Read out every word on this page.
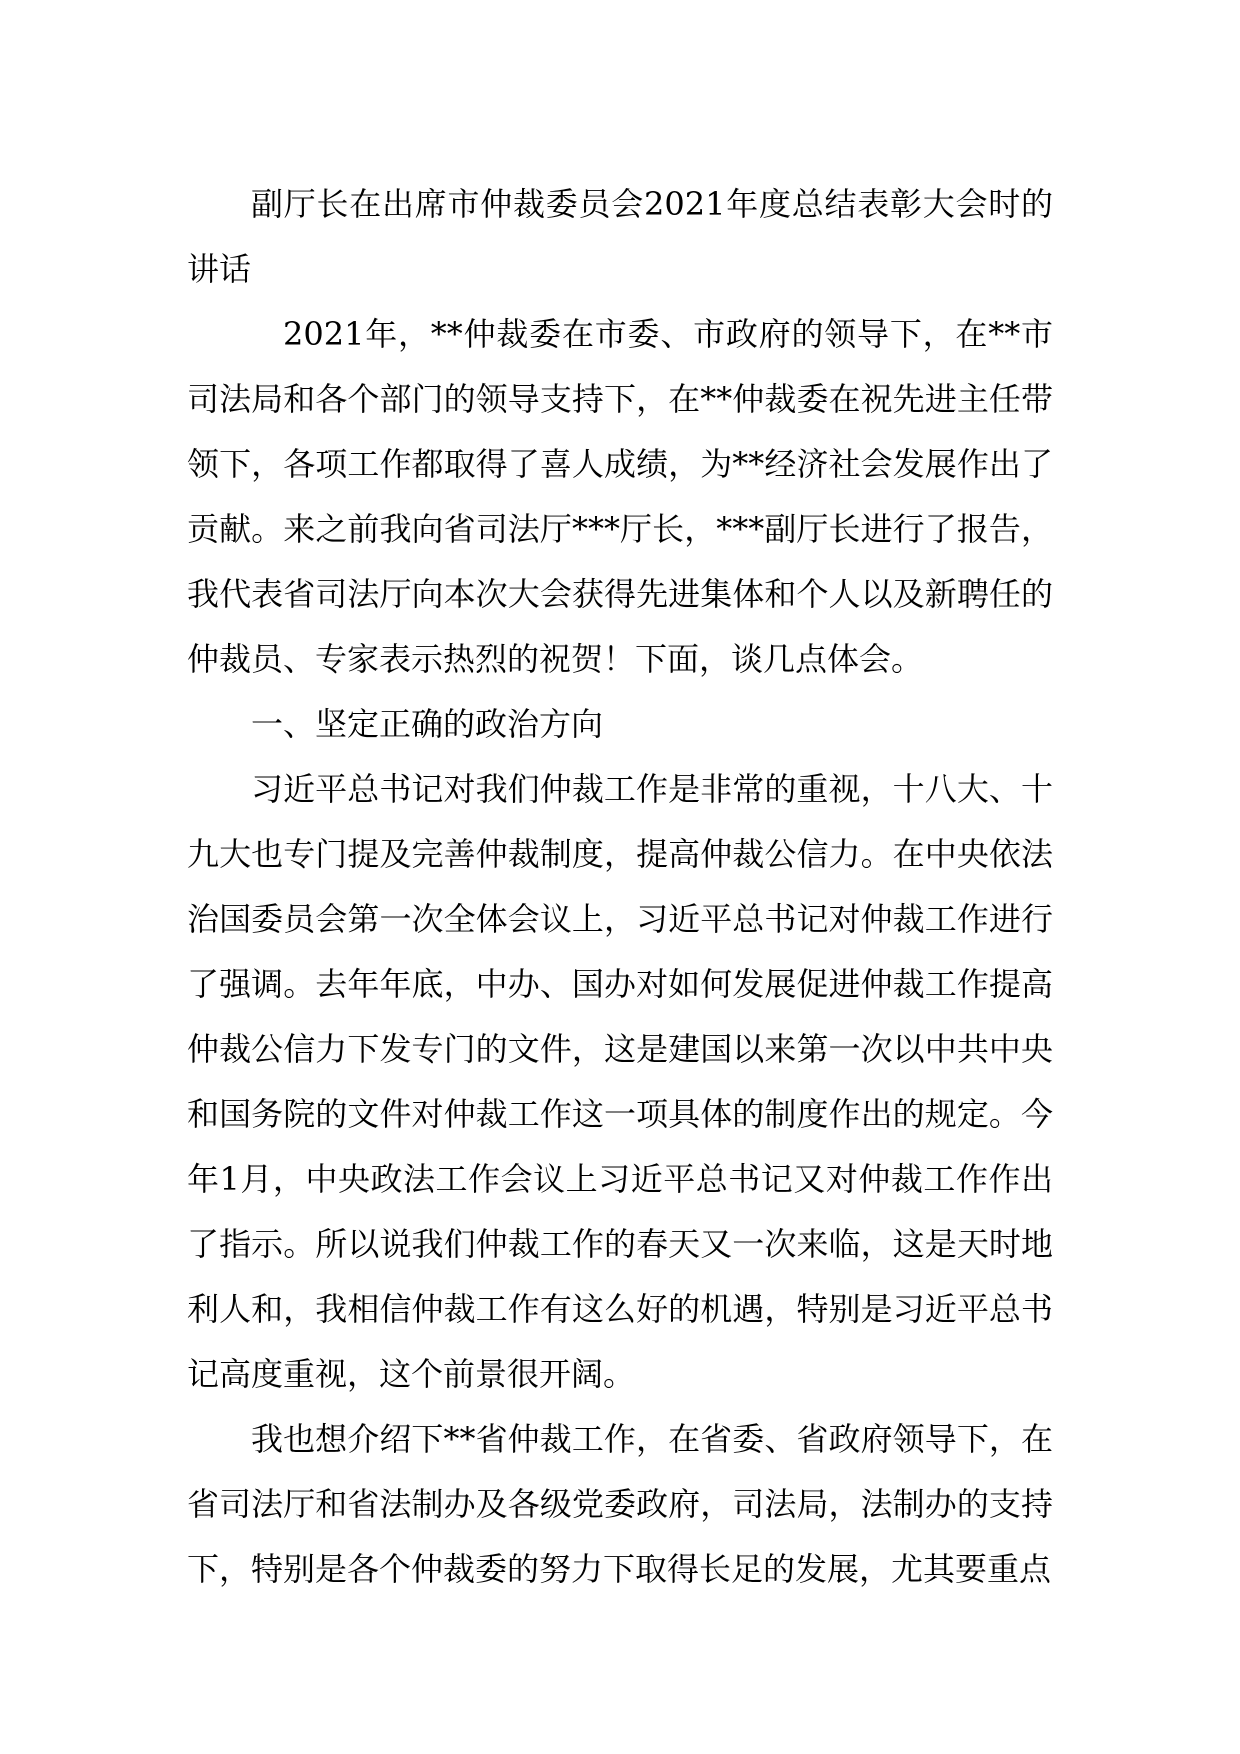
副厅长在出席市仲裁委员会2021年度总结表彰大会时的讲话

2021年，**仲裁委在市委、市政府的领导下，在**市司法局和各个部门的领导支持下，在**仲裁委在祝先进主任带领下，各项工作都取得了喜人成绩，为**经济社会发展作出了贡献。来之前我向省司法厅***厅长，***副厅长进行了报告，我代表省司法厅向本次大会获得先进集体和个人以及新聘任的仲裁员、专家表示热烈的祝贺！下面，谈几点体会。

一、坚定正确的政治方向

习近平总书记对我们仲裁工作是非常的重视，十八大、十九大也专门提及完善仲裁制度，提高仲裁公信力。在中央依法治国委员会第一次全体会议上，习近平总书记对仲裁工作进行了强调。去年年底，中办、国办对如何发展促进仲裁工作提高仲裁公信力下发专门的文件，这是建国以来第一次以中共中央和国务院的文件对仲裁工作这一项具体的制度作出的规定。今年1月，中央政法工作会议上习近平总书记又对仲裁工作作出了指示。所以说我们仲裁工作的春天又一次来临，这是天时地利人和，我相信仲裁工作有这么好的机遇，特别是习近平总书记高度重视，这个前景很开阔。

我也想介绍下**省仲裁工作，在省委、省政府领导下，在省司法厅和省法制办及各级党委政府，司法局，法制办的支持下，特别是各个仲裁委的努力下取得长足的发展，尤其要重点
